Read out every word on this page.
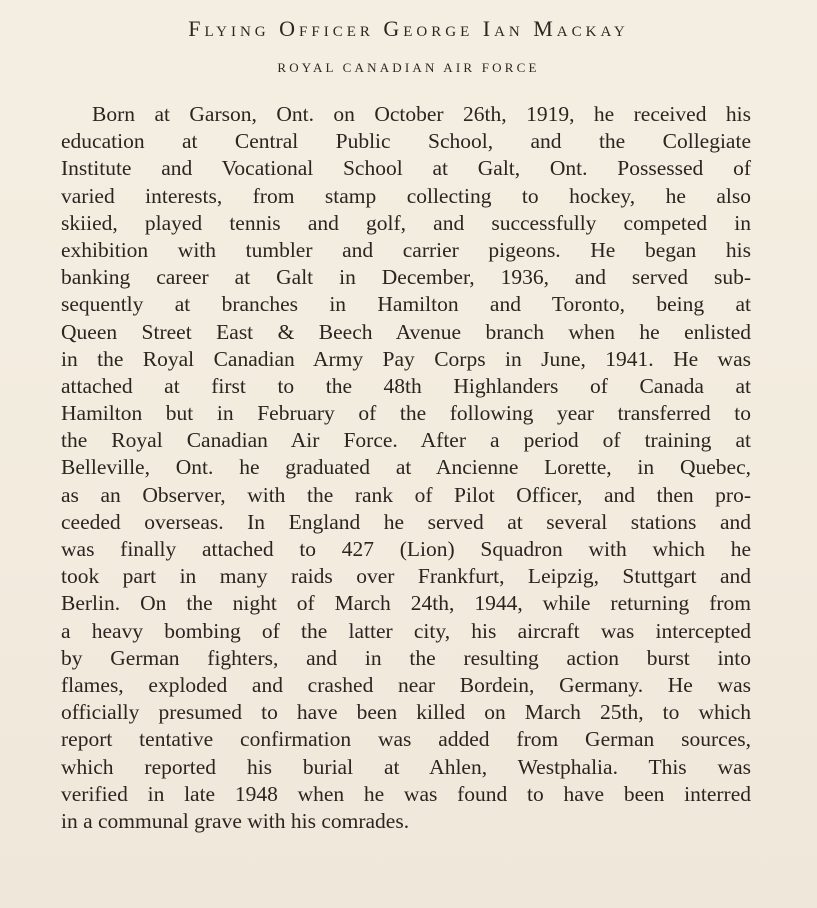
Flying Officer George Ian Mackay
ROYAL CANADIAN AIR FORCE
Born at Garson, Ont. on October 26th, 1919, he received his
education at Central Public School, and the Collegiate
Institute and Vocational School at Galt, Ont. Possessed of
varied interests, from stamp collecting to hockey, he also
skiied, played tennis and golf, and successfully competed in
exhibition with tumbler and carrier pigeons. He began his
banking career at Galt in December, 1936, and served sub-
sequently at branches in Hamilton and Toronto, being at
Queen Street East & Beech Avenue branch when he enlisted
in the Royal Canadian Army Pay Corps in June, 1941. He was
attached at first to the 48th Highlanders of Canada at
Hamilton but in February of the following year transferred to
the Royal Canadian Air Force. After a period of training at
Belleville, Ont. he graduated at Ancienne Lorette, in Quebec,
as an Observer, with the rank of Pilot Officer, and then pro-
ceeded overseas. In England he served at several stations and
was finally attached to 427 (Lion) Squadron with which he
took part in many raids over Frankfurt, Leipzig, Stuttgart and
Berlin. On the night of March 24th, 1944, while returning from
a heavy bombing of the latter city, his aircraft was intercepted
by German fighters, and in the resulting action burst into
flames, exploded and crashed near Bordein, Germany. He was
officially presumed to have been killed on March 25th, to which
report tentative confirmation was added from German sources,
which reported his burial at Ahlen, Westphalia. This was
verified in late 1948 when he was found to have been interred
in a communal grave with his comrades.
